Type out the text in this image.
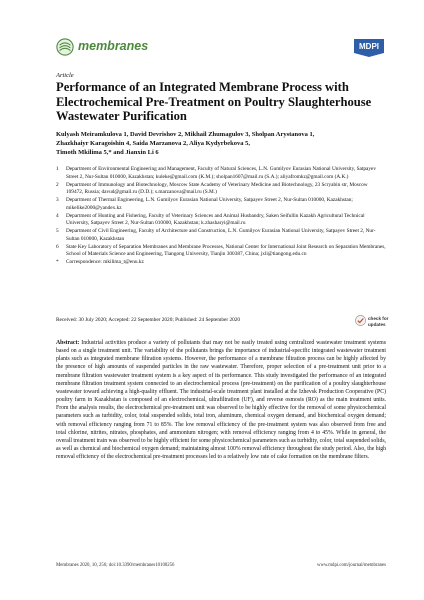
membranes	MDPI
Article
Performance of an Integrated Membrane Process with Electrochemical Pre-Treatment on Poultry Slaughterhouse Wastewater Purification
Kulyash Meiramkulova 1, David Devrishov 2, Mikhail Zhumagulov 3, Sholpan Arystanova 1,
Zhazkhaiyr Karagoishin 4, Saida Marzanova 2, Aliya Kydyrbekova 5,
Timoth Mkilima 5,* and Jianxin Li 6
1	Department of Environmental Engineering and Management, Faculty of Natural Sciences, L.N. Gumilyov Eurasian National University, Satpayev Street 2, Nur-Sultan 010000, Kazakhstan; kuleke@gmail.com (K.M.); sholpan1607@mail.ru (S.A.); aliyafromkz@gmail.com (A.K.)
2	Department of Immunology and Biotechnology, Moscow State Academy of Veterinary Medicine and Biotechnology, 23 Scryabin str, Moscow 109472, Russia; davud@gmail.ru (D.D.); s.marzanova@mail.ru (S.M.)
3	Department of Thermal Engineering, L.N. Gumilyov Eurasian National University, Satpayev Street 2, Nur-Sultan 010000, Kazakhstan; mikelike2000@yandex.kz
4	Department of Hunting and Fishering, Faculty of Veterinary Sciences and Animal Husbandry, Saken Seifullin Kazakh Agricultural Technical University, Satpayev Street 2, Nur-Sultan 010000, Kazakhstan; k.zhasharyi@mail.ru
5	Department of Civil Engineering, Faculty of Architecture and Construction, L.N. Gumilyov Eurasian National University, Satpayev Street 2, Nur-Sultan 010000, Kazakhstan
6	State Key Laboratory of Separation Membranes and Membrane Processes, National Center for International Joint Research on Separation Membranes, School of Materials Science and Engineering, Tiangong University, Tianjin 300387, China; jxli@tiangong.edu.cn
*	Correspondence: mkilima_t@enu.kz
Received: 30 July 2020; Accepted: 22 September 2020; Published: 24 September 2020	check for
updates
Abstract: Industrial activities produce a variety of pollutants that may not be easily treated using centralized wastewater treatment systems based on a single treatment unit. The variability of the pollutants brings the importance of industrial-specific integrated wastewater treatment plants such as integrated membrane filtration systems. However, the performance of a membrane filtration process can be highly affected by the presence of high amounts of suspended particles in the raw wastewater. Therefore, proper selection of a pre-treatment unit prior to a membrane filtration wastewater treatment system is a key aspect of its performance. This study investigated the performance of an integrated membrane filtration treatment system connected to an electrochemical process (pre-treatment) on the purification of a poultry slaughterhouse wastewater toward achieving a high-quality effluent. The industrial-scale treatment plant installed at the Izhevsk Production Cooperative (PC) poultry farm in Kazakhstan is composed of an electrochemical, ultrafiltration (UF), and reverse osmosis (RO) as the main treatment units. From the analysis results, the electrochemical pre-treatment unit was observed to be highly effective for the removal of some physicochemical parameters such as turbidity, color, total suspended solids, total iron, aluminum, chemical oxygen demand, and biochemical oxygen demand; with removal efficiency ranging from 71 to 85%. The low removal efficiency of the pre-treatment system was also observed from free and total chlorine, nitrites, nitrates, phosphates, and ammonium nitrogen; with removal efficiency ranging from 4 to 45%. While in general, the overall treatment train was observed to be highly efficient for some physicochemical parameters such as turbidity, color, total suspended solids, as well as chemical and biochemical oxygen demand; maintaining almost 100% removal efficiency throughout the study period. Also, the high removal efficiency of the electrochemical pre-treatment processes led to a relatively low rate of cake formation on the membrane filters.
Membranes 2020, 10, 256; doi:10.3390/membranes10100256	www.mdpi.com/journal/membranes
